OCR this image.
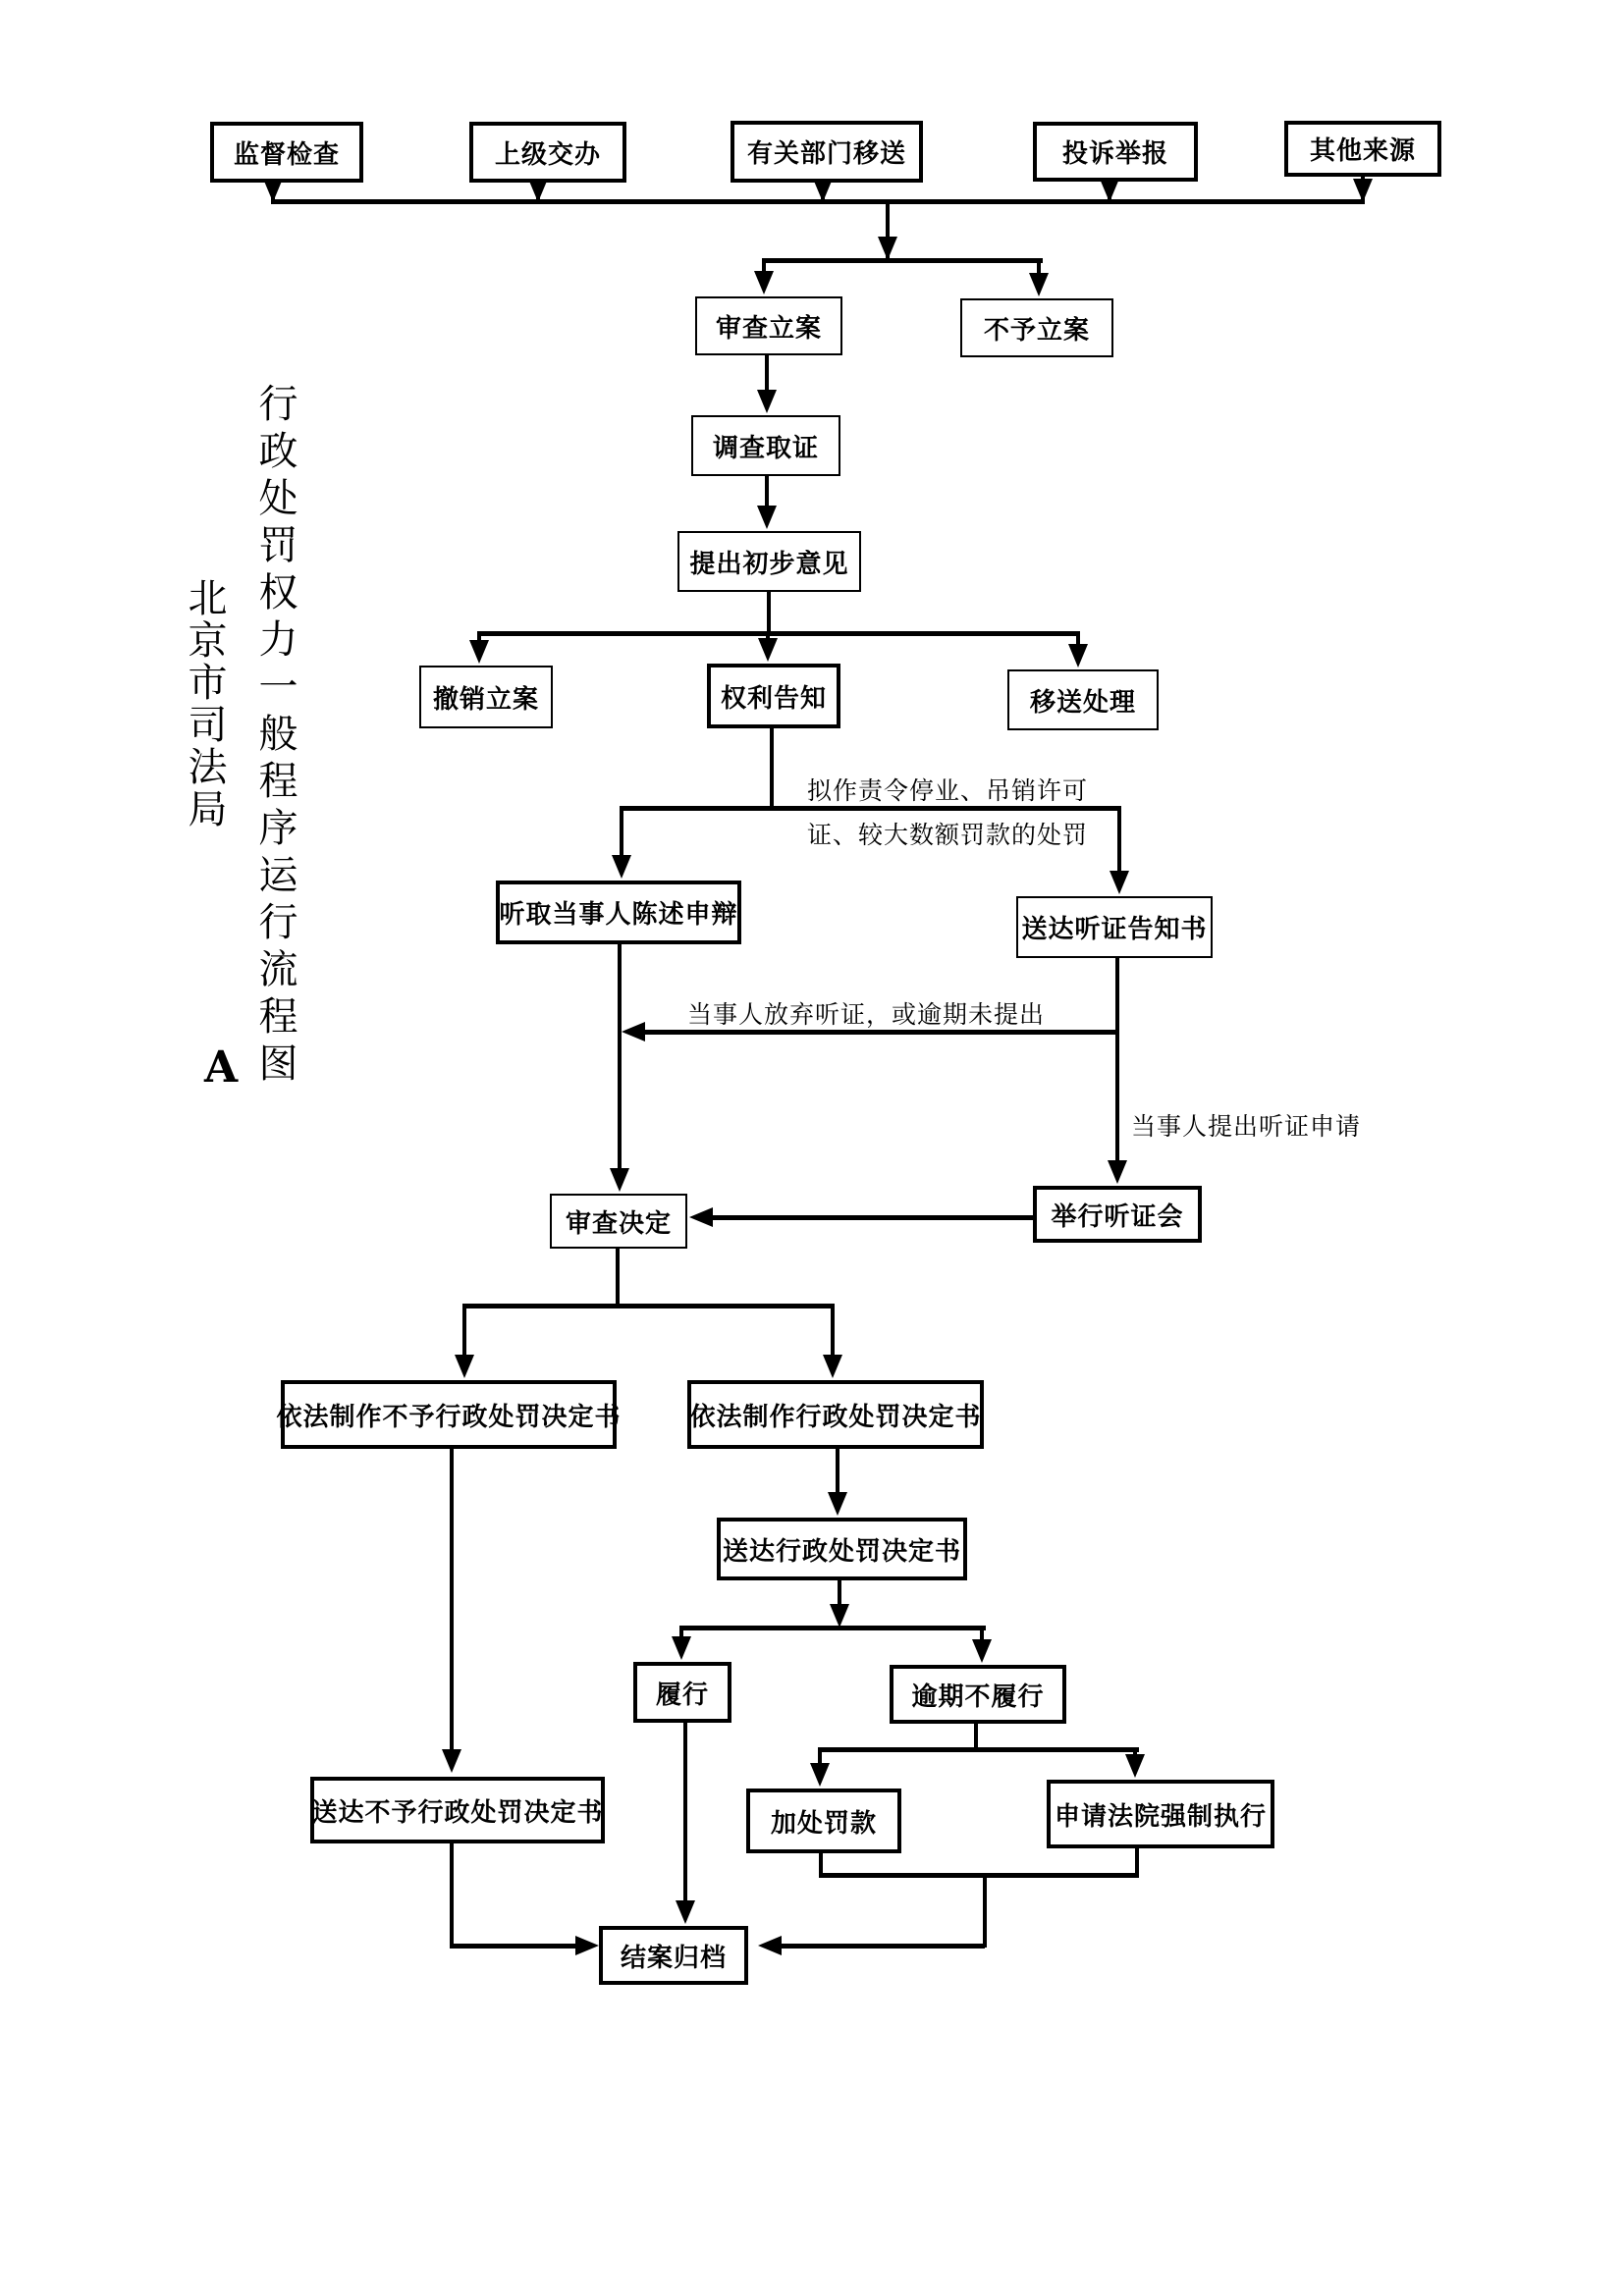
行政处罚权力一般程序运行流程图
北京市司法局
A
监督检查	上级交办	有关部门移送	投诉举报	其他来源
审查立案	不予立案
调查取证
提出初步意见
撤销立案	权利告知	移送处理
拟作责令停业、吊销许可
证、较大数额罚款的处罚
听取当事人陈述申辩	送达听证告知书
当事人放弃听证，或逾期未提出
当事人提出听证申请
审查决定	举行听证会
依法制作不予行政处罚决定书	依法制作行政处罚决定书
送达行政处罚决定书
履行	逾期不履行
加处罚款	申请法院强制执行
送达不予行政处罚决定书
结案归档
